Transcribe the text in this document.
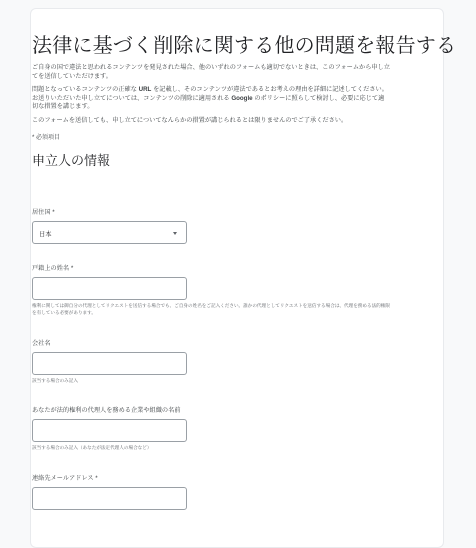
法律に基づく削除に関する他の問題を報告する

ご自身の国で違法と思われるコンテンツを発見された場合、他のいずれのフォームも適切でないときは、このフォームから申し立てを送信していただけます。

問題となっているコンテンツの正確な URL を記載し、そのコンテンツが違法であるとお考えの理由を詳細に記述してください。お送りいただいた申し立てについては、コンテンツの削除に適用される Google のポリシーに照らして検討し、必要に応じて適切な措置を講じます。

このフォームを送信しても、申し立てについてなんらかの措置が講じられるとは限りませんのでご了承ください。

* 必須項目
申立人の情報
居住国 *
日本
戸籍上の姓名 *
権利に関しては御自分の代理としてリクエストを送信する場合でも、ご自身の姓名をご記入ください。誰かの代理としてリクエストを送信する場合は、代理を務める法的権限を有している必要があります。
会社名
該当する場合のみ記入
あなたが法的権利の代理人を務める企業や組織の名前
該当する場合のみ記入（あなたが法定代理人の場合など）
連絡先メールアドレス *
